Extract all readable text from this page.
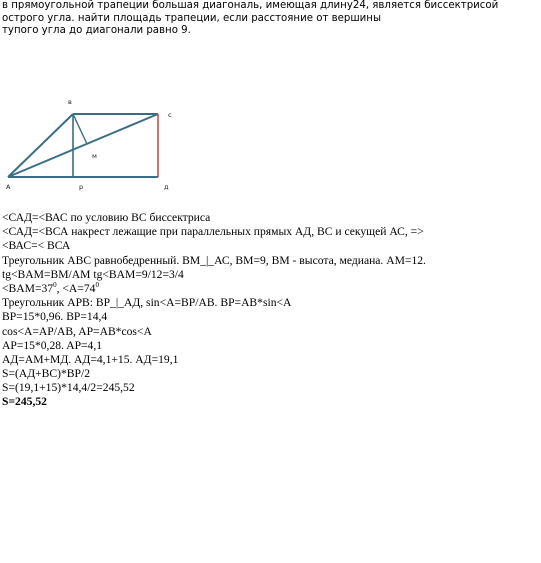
в прямоугольной трапеции большая диагональ, имеющая длину24, является биссектрисой
острого угла. найти площадь трапеции, если расстояние от вершины
тупого угла до диагонали равно 9.
в
с
м
А	р	д
<САД=<ВАС по условию ВС биссектриса
<САД=<ВСА накрест лежащие при параллельных прямых АД, ВС и секущей АС, =>
<ВАС=< ВСА
Треугольник АВС равнобедренный. ВМ_|_АС, ВМ=9, ВМ - высота, медиана. АМ=12.
tg<BAM=BM/AM tg<BAM=9/12=3/4
$<BAM=37^0$, $<A=74^0$
Треугольник АРВ: ВР_|_АД, sin<A=BP/AB. BP=AB*sin<A
BP=15*0,96. BP=14,4
cos<A=AP/AB, AP=AB*cos<A
AP=15*0,28. AP=4,1
АД=АМ+МД. АД=4,1+15. АД=19,1
S=(АД+ВС)*ВР/2
S=(19,1+15)*14,4/2=245,52
S=245,52
